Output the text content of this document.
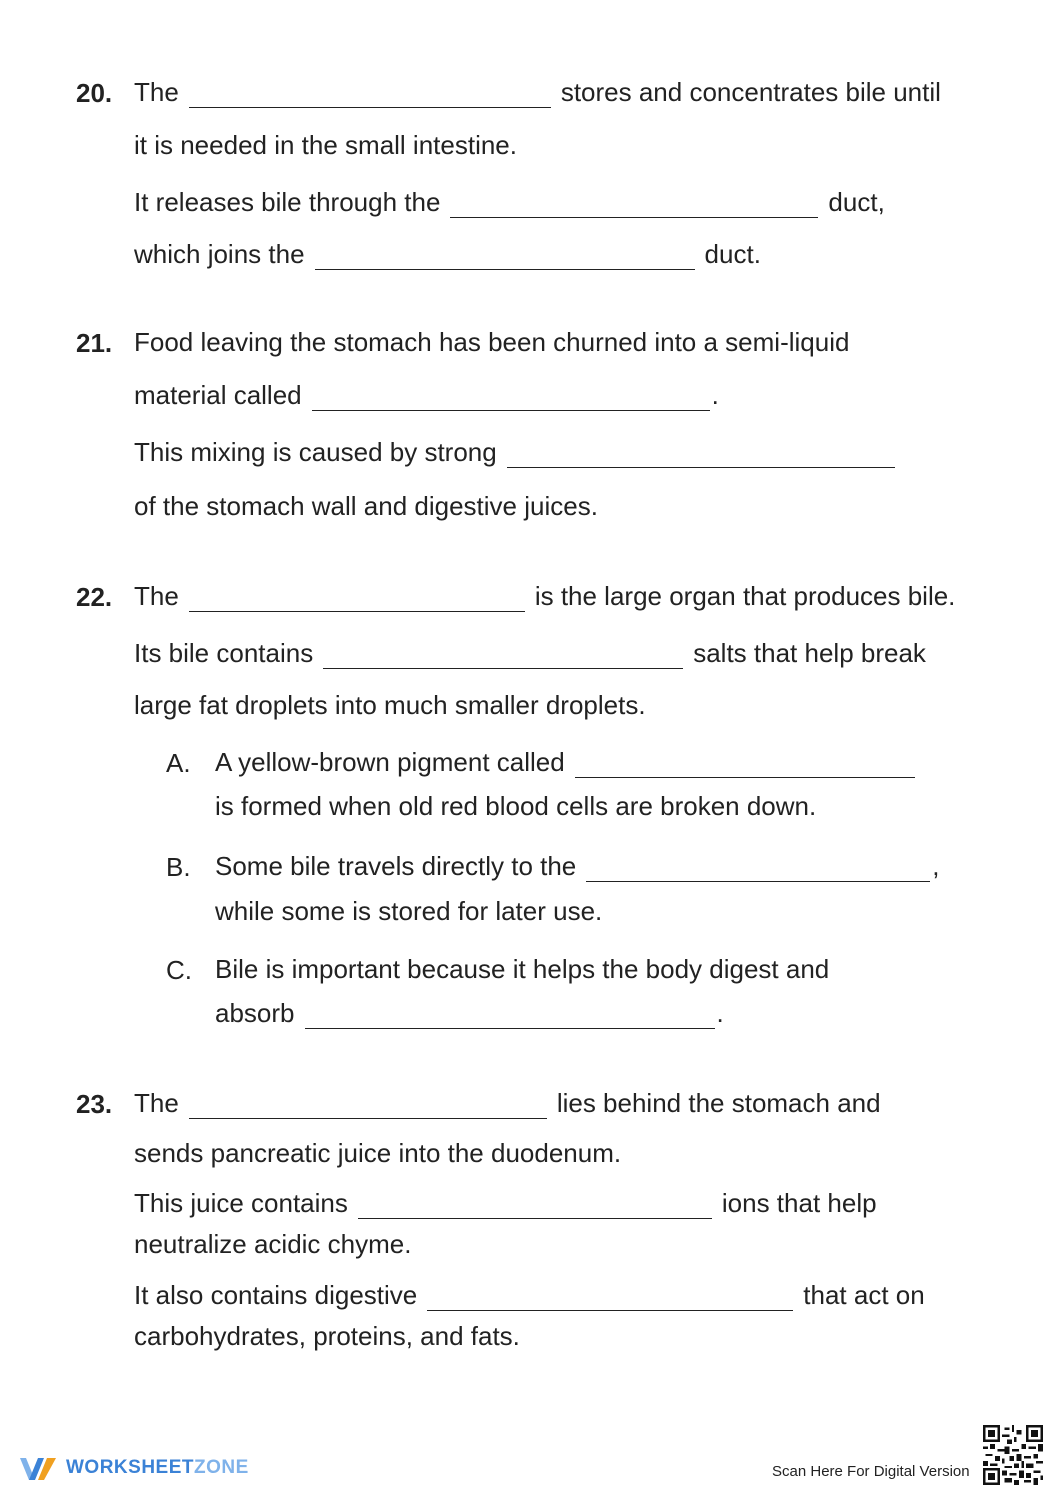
20. The	stores and concentrates bile until
it is needed in the small intestine.
It releases bile through the	duct,
which joins the	duct.
21. Food leaving the stomach has been churned into a semi-liquid
material called	.
This mixing is caused by strong
of the stomach wall and digestive juices.
22. The	is the large organ that produces bile.
Its bile contains	salts that help break
large fat droplets into much smaller droplets.
A. A yellow-brown pigment called
is formed when old red blood cells are broken down.
B. Some bile travels directly to the	,
while some is stored for later use.
C. Bile is important because it helps the body digest and
absorb	.
23. The	lies behind the stomach and
sends pancreatic juice into the duodenum.
This juice contains	ions that help
neutralize acidic chyme.
It also contains digestive	that act on
carbohydrates, proteins, and fats.
WORKSHEETZONE	Scan Here For Digital Version
